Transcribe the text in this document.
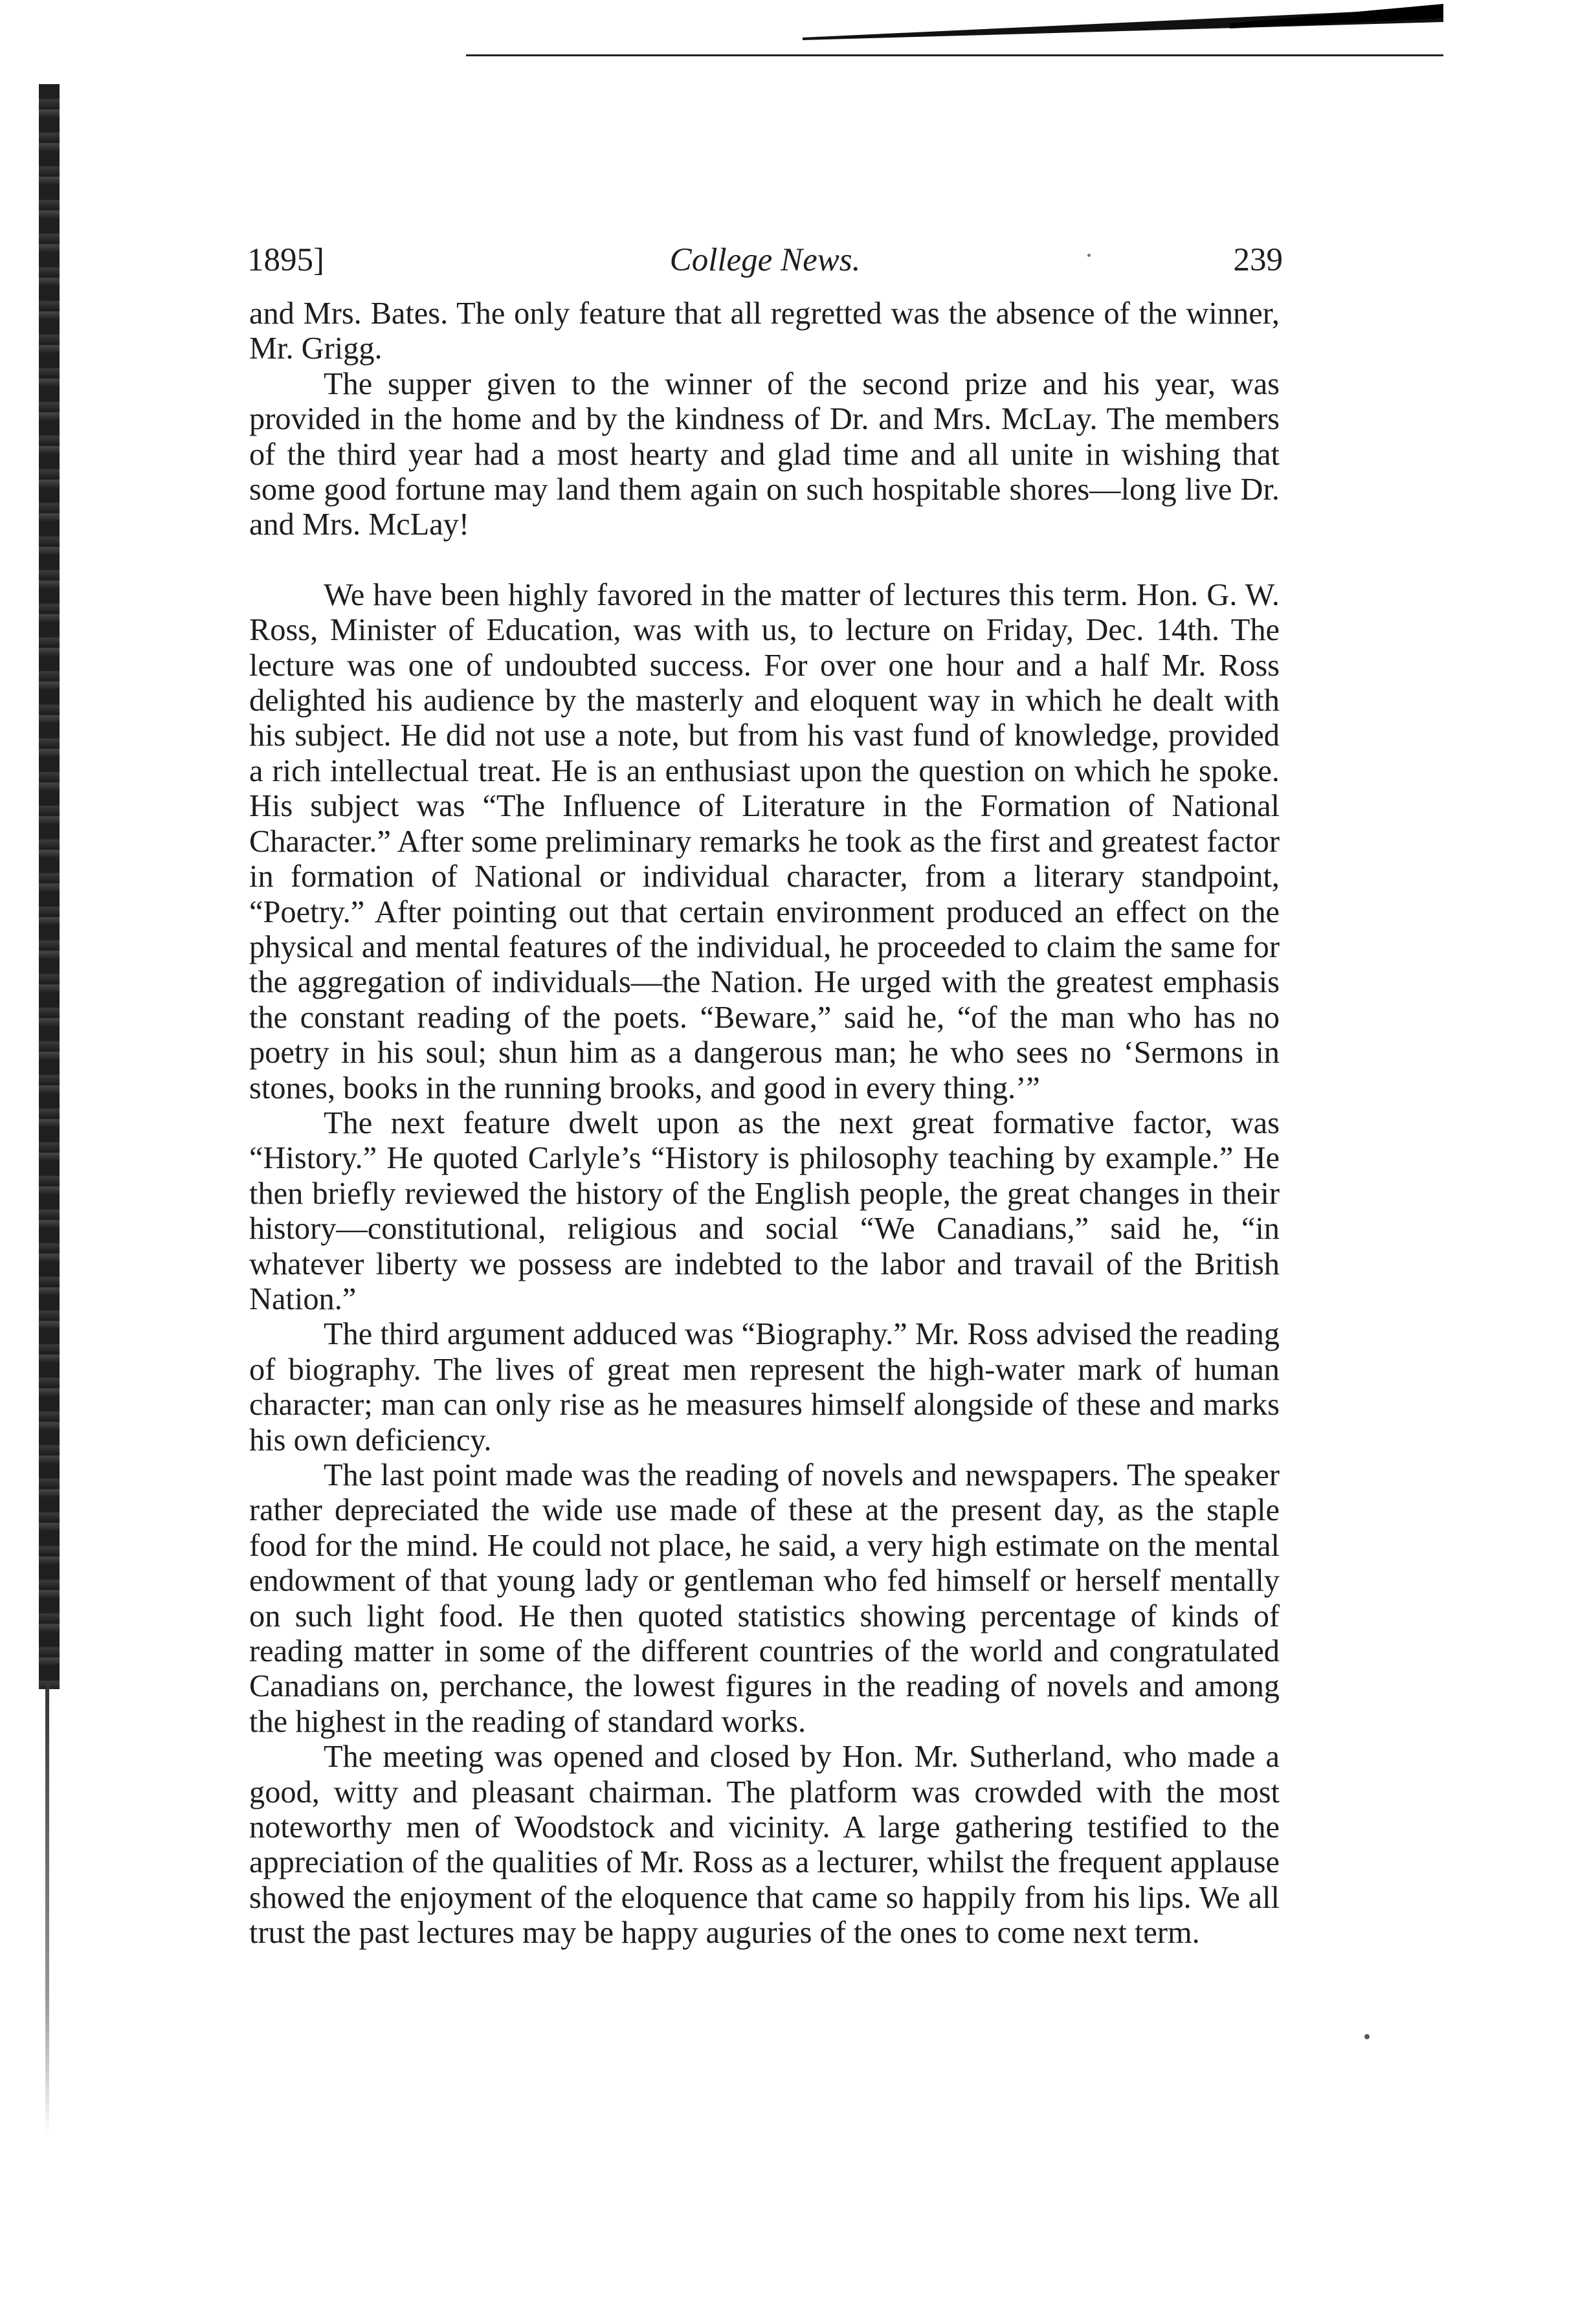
1895]	College News.	239

and Mrs. Bates. The only feature that all regretted was the absence of the winner, Mr. Grigg.

The supper given to the winner of the second prize and his year, was provided in the home and by the kindness of Dr. and Mrs. McLay. The members of the third year had a most hearty and glad time and all unite in wishing that some good fortune may land them again on such hospitable shores—long live Dr. and Mrs. McLay!

We have been highly favored in the matter of lectures this term. Hon. G. W. Ross, Minister of Education, was with us, to lecture on Friday, Dec. 14th. The lecture was one of undoubted success. For over one hour and a half Mr. Ross delighted his audience by the masterly and eloquent way in which he dealt with his subject. He did not use a note, but from his vast fund of knowledge, provided a rich intellectual treat. He is an enthusiast upon the question on which he spoke. His subject was “The Influence of Literature in the Formation of National Character.” After some preliminary remarks he took as the first and greatest factor in formation of National or individual character, from a literary standpoint, “Poetry.” After pointing out that certain environment produced an effect on the physical and mental features of the individual, he proceeded to claim the same for the aggregation of individuals—the Nation. He urged with the greatest emphasis the constant reading of the poets. “Beware,” said he, “of the man who has no poetry in his soul; shun him as a dangerous man; he who sees no ‘Sermons in stones, books in the running brooks, and good in every thing.’”

The next feature dwelt upon as the next great formative factor, was “History.” He quoted Carlyle’s “History is philosophy teaching by example.” He then briefly reviewed the history of the English people, the great changes in their history—constitutional, religious and social “We Canadians,” said he, “in whatever liberty we possess are indebted to the labor and travail of the British Nation.”

The third argument adduced was “Biography.” Mr. Ross advised the reading of biography. The lives of great men represent the high-water mark of human character; man can only rise as he measures himself alongside of these and marks his own deficiency.

The last point made was the reading of novels and newspapers. The speaker rather depreciated the wide use made of these at the present day, as the staple food for the mind. He could not place, he said, a very high estimate on the mental endowment of that young lady or gentleman who fed himself or herself mentally on such light food. He then quoted statistics showing percentage of kinds of reading matter in some of the different countries of the world and congratulated Canadians on, perchance, the lowest figures in the reading of novels and among the highest in the reading of standard works.

The meeting was opened and closed by Hon. Mr. Sutherland, who made a good, witty and pleasant chairman. The platform was crowded with the most noteworthy men of Woodstock and vicinity. A large gathering testified to the appreciation of the qualities of Mr. Ross as a lecturer, whilst the frequent applause showed the enjoyment of the eloquence that came so happily from his lips. We all trust the past lectures may be happy auguries of the ones to come next term.
